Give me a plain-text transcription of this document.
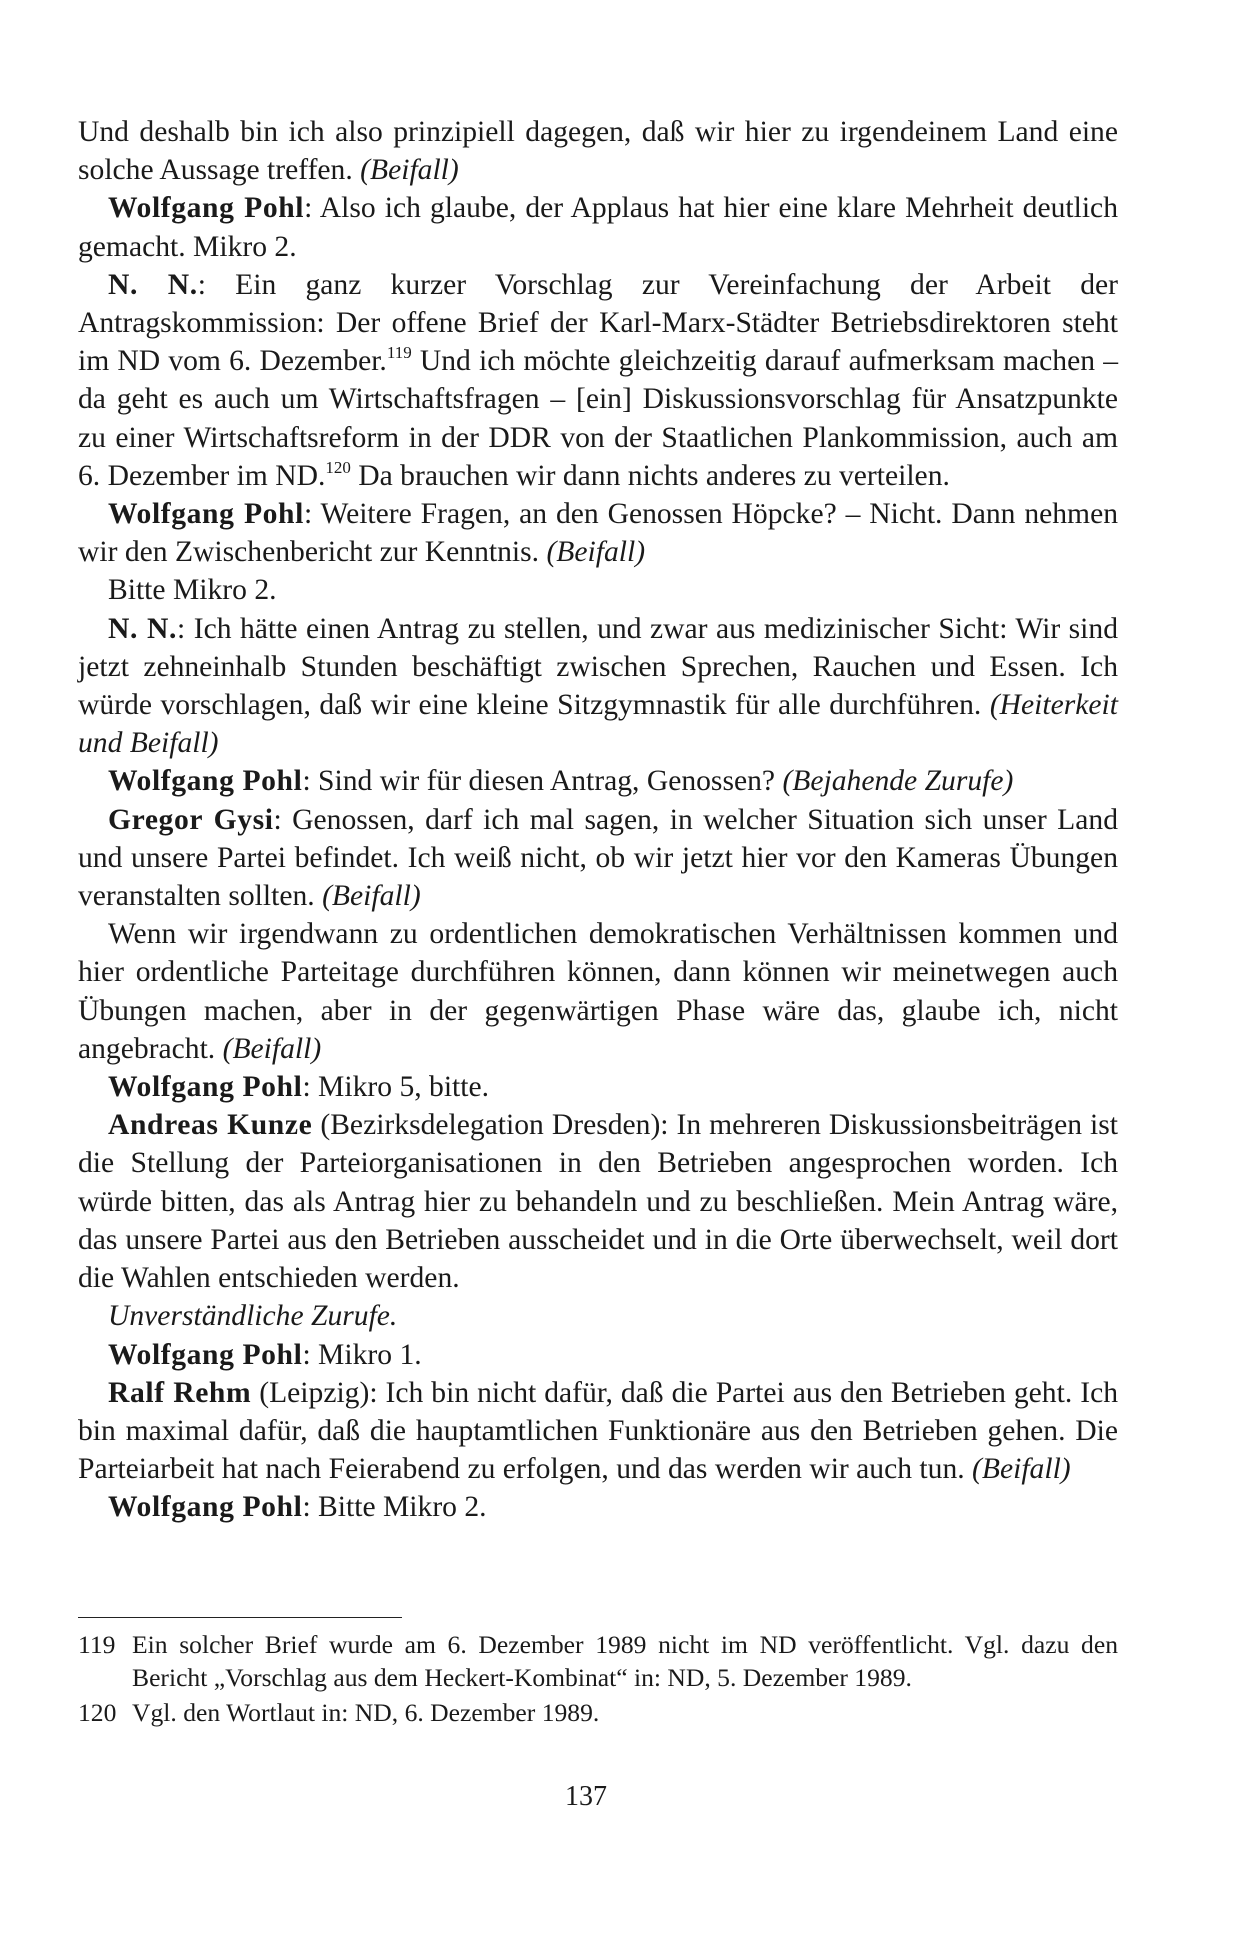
Und deshalb bin ich also prinzipiell dagegen, daß wir hier zu irgendeinem Land eine solche Aussage treffen. (Beifall)

Wolfgang Pohl: Also ich glaube, der Applaus hat hier eine klare Mehrheit deutlich gemacht. Mikro 2.

N. N.: Ein ganz kurzer Vorschlag zur Vereinfachung der Arbeit der Antragskommission: Der offene Brief der Karl-Marx-Städter Betriebsdirektoren steht im ND vom 6. Dezember.$^{119}$ Und ich möchte gleichzeitig darauf aufmerksam machen – da geht es auch um Wirtschaftsfragen – [ein] Diskussionsvorschlag für Ansatzpunkte zu einer Wirtschaftsreform in der DDR von der Staatlichen Plankommission, auch am 6. Dezember im ND.$^{120}$ Da brauchen wir dann nichts anderes zu verteilen.

Wolfgang Pohl: Weitere Fragen, an den Genossen Höpcke? – Nicht. Dann nehmen wir den Zwischenbericht zur Kenntnis. (Beifall)

Bitte Mikro 2.

N. N.: Ich hätte einen Antrag zu stellen, und zwar aus medizinischer Sicht: Wir sind jetzt zehneinhalb Stunden beschäftigt zwischen Sprechen, Rauchen und Essen. Ich würde vorschlagen, daß wir eine kleine Sitzgymnastik für alle durchführen. (Heiterkeit und Beifall)

Wolfgang Pohl: Sind wir für diesen Antrag, Genossen? (Bejahende Zurufe)

Gregor Gysi: Genossen, darf ich mal sagen, in welcher Situation sich unser Land und unsere Partei befindet. Ich weiß nicht, ob wir jetzt hier vor den Kameras Übungen veranstalten sollten. (Beifall)

Wenn wir irgendwann zu ordentlichen demokratischen Verhältnissen kommen und hier ordentliche Parteitage durchführen können, dann können wir meinetwegen auch Übungen machen, aber in der gegenwärtigen Phase wäre das, glaube ich, nicht angebracht. (Beifall)

Wolfgang Pohl: Mikro 5, bitte.

Andreas Kunze (Bezirksdelegation Dresden): In mehreren Diskussionsbeiträgen ist die Stellung der Parteiorganisationen in den Betrieben angesprochen worden. Ich würde bitten, das als Antrag hier zu behandeln und zu beschließen. Mein Antrag wäre, das unsere Partei aus den Betrieben ausscheidet und in die Orte überwechselt, weil dort die Wahlen entschieden werden.

Unverständliche Zurufe.

Wolfgang Pohl: Mikro 1.

Ralf Rehm (Leipzig): Ich bin nicht dafür, daß die Partei aus den Betrieben geht. Ich bin maximal dafür, daß die hauptamtlichen Funktionäre aus den Betrieben gehen. Die Parteiarbeit hat nach Feierabend zu erfolgen, und das werden wir auch tun. (Beifall)

Wolfgang Pohl: Bitte Mikro 2.

119 Ein solcher Brief wurde am 6. Dezember 1989 nicht im ND veröffentlicht. Vgl. dazu den Bericht „Vorschlag aus dem Heckert-Kombinat“ in: ND, 5. Dezember 1989.
120 Vgl. den Wortlaut in: ND, 6. Dezember 1989.
137
